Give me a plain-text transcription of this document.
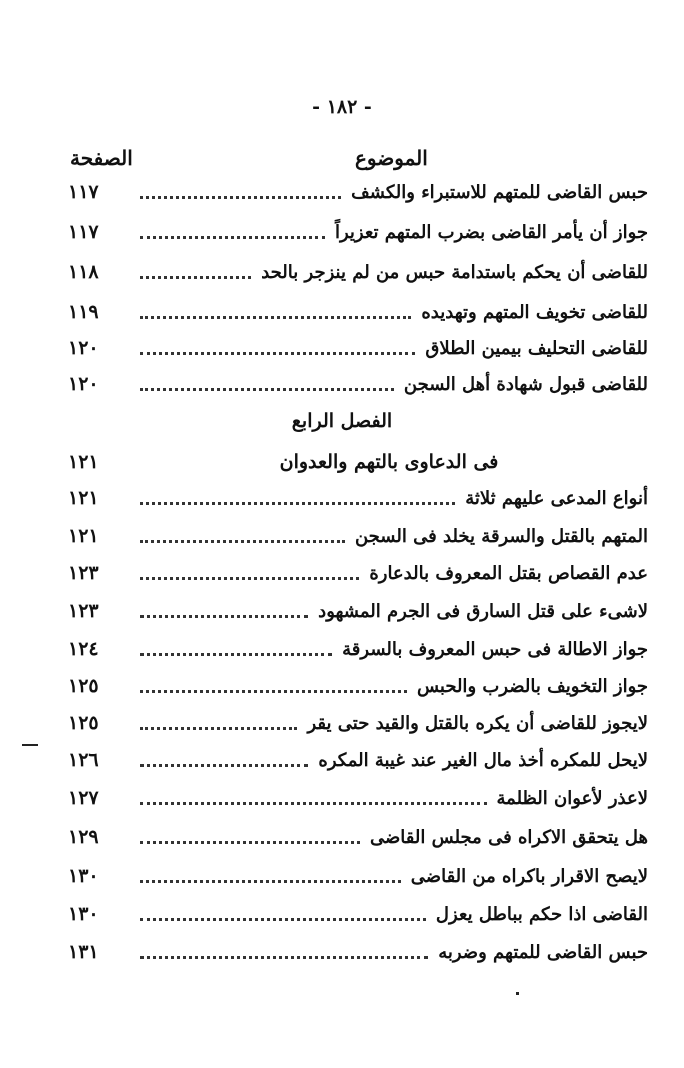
- ١٨٢ -
الصفحة	الموضوع
١١٧	حبس القاضى للمتهم للاستبراء والكشف
١١٧	جواز أن يأمر القاضى بضرب المتهم تعزيراً
١١٨	للقاضى أن يحكم باستدامة حبس من لم ينزجر بالحد
١١٩	للقاضى تخويف المتهم وتهديده
١٢٠	للقاضى التحليف بيمين الطلاق
١٢٠	للقاضى قبول شهادة أهل السجن
الفصل الرابع
١٢١	فى الدعاوى بالتهم والعدوان
١٢١	أنواع المدعى عليهم ثلاثة
١٢١	المتهم بالقتل والسرقة يخلد فى السجن
١٢٣	عدم القصاص بقتل المعروف بالدعارة
١٢٣	لاشىء على قتل السارق فى الجرم المشهود
١٢٤	جواز الاطالة فى حبس المعروف بالسرقة
١٢٥	جواز التخويف بالضرب والحبس
١٢٥	لايجوز للقاضى أن يكره بالقتل والقيد حتى يقر
١٢٦	لايحل للمكره أخذ مال الغير عند غيبة المكره
١٢٧	لاعذر لأعوان الظلمة
١٢٩	هل يتحقق الاكراه فى مجلس القاضى
١٣٠	لايصح الاقرار باكراه من القاضى
١٣٠	القاضى اذا حكم بباطل يعزل
١٣١	حبس القاضى للمتهم وضربه
